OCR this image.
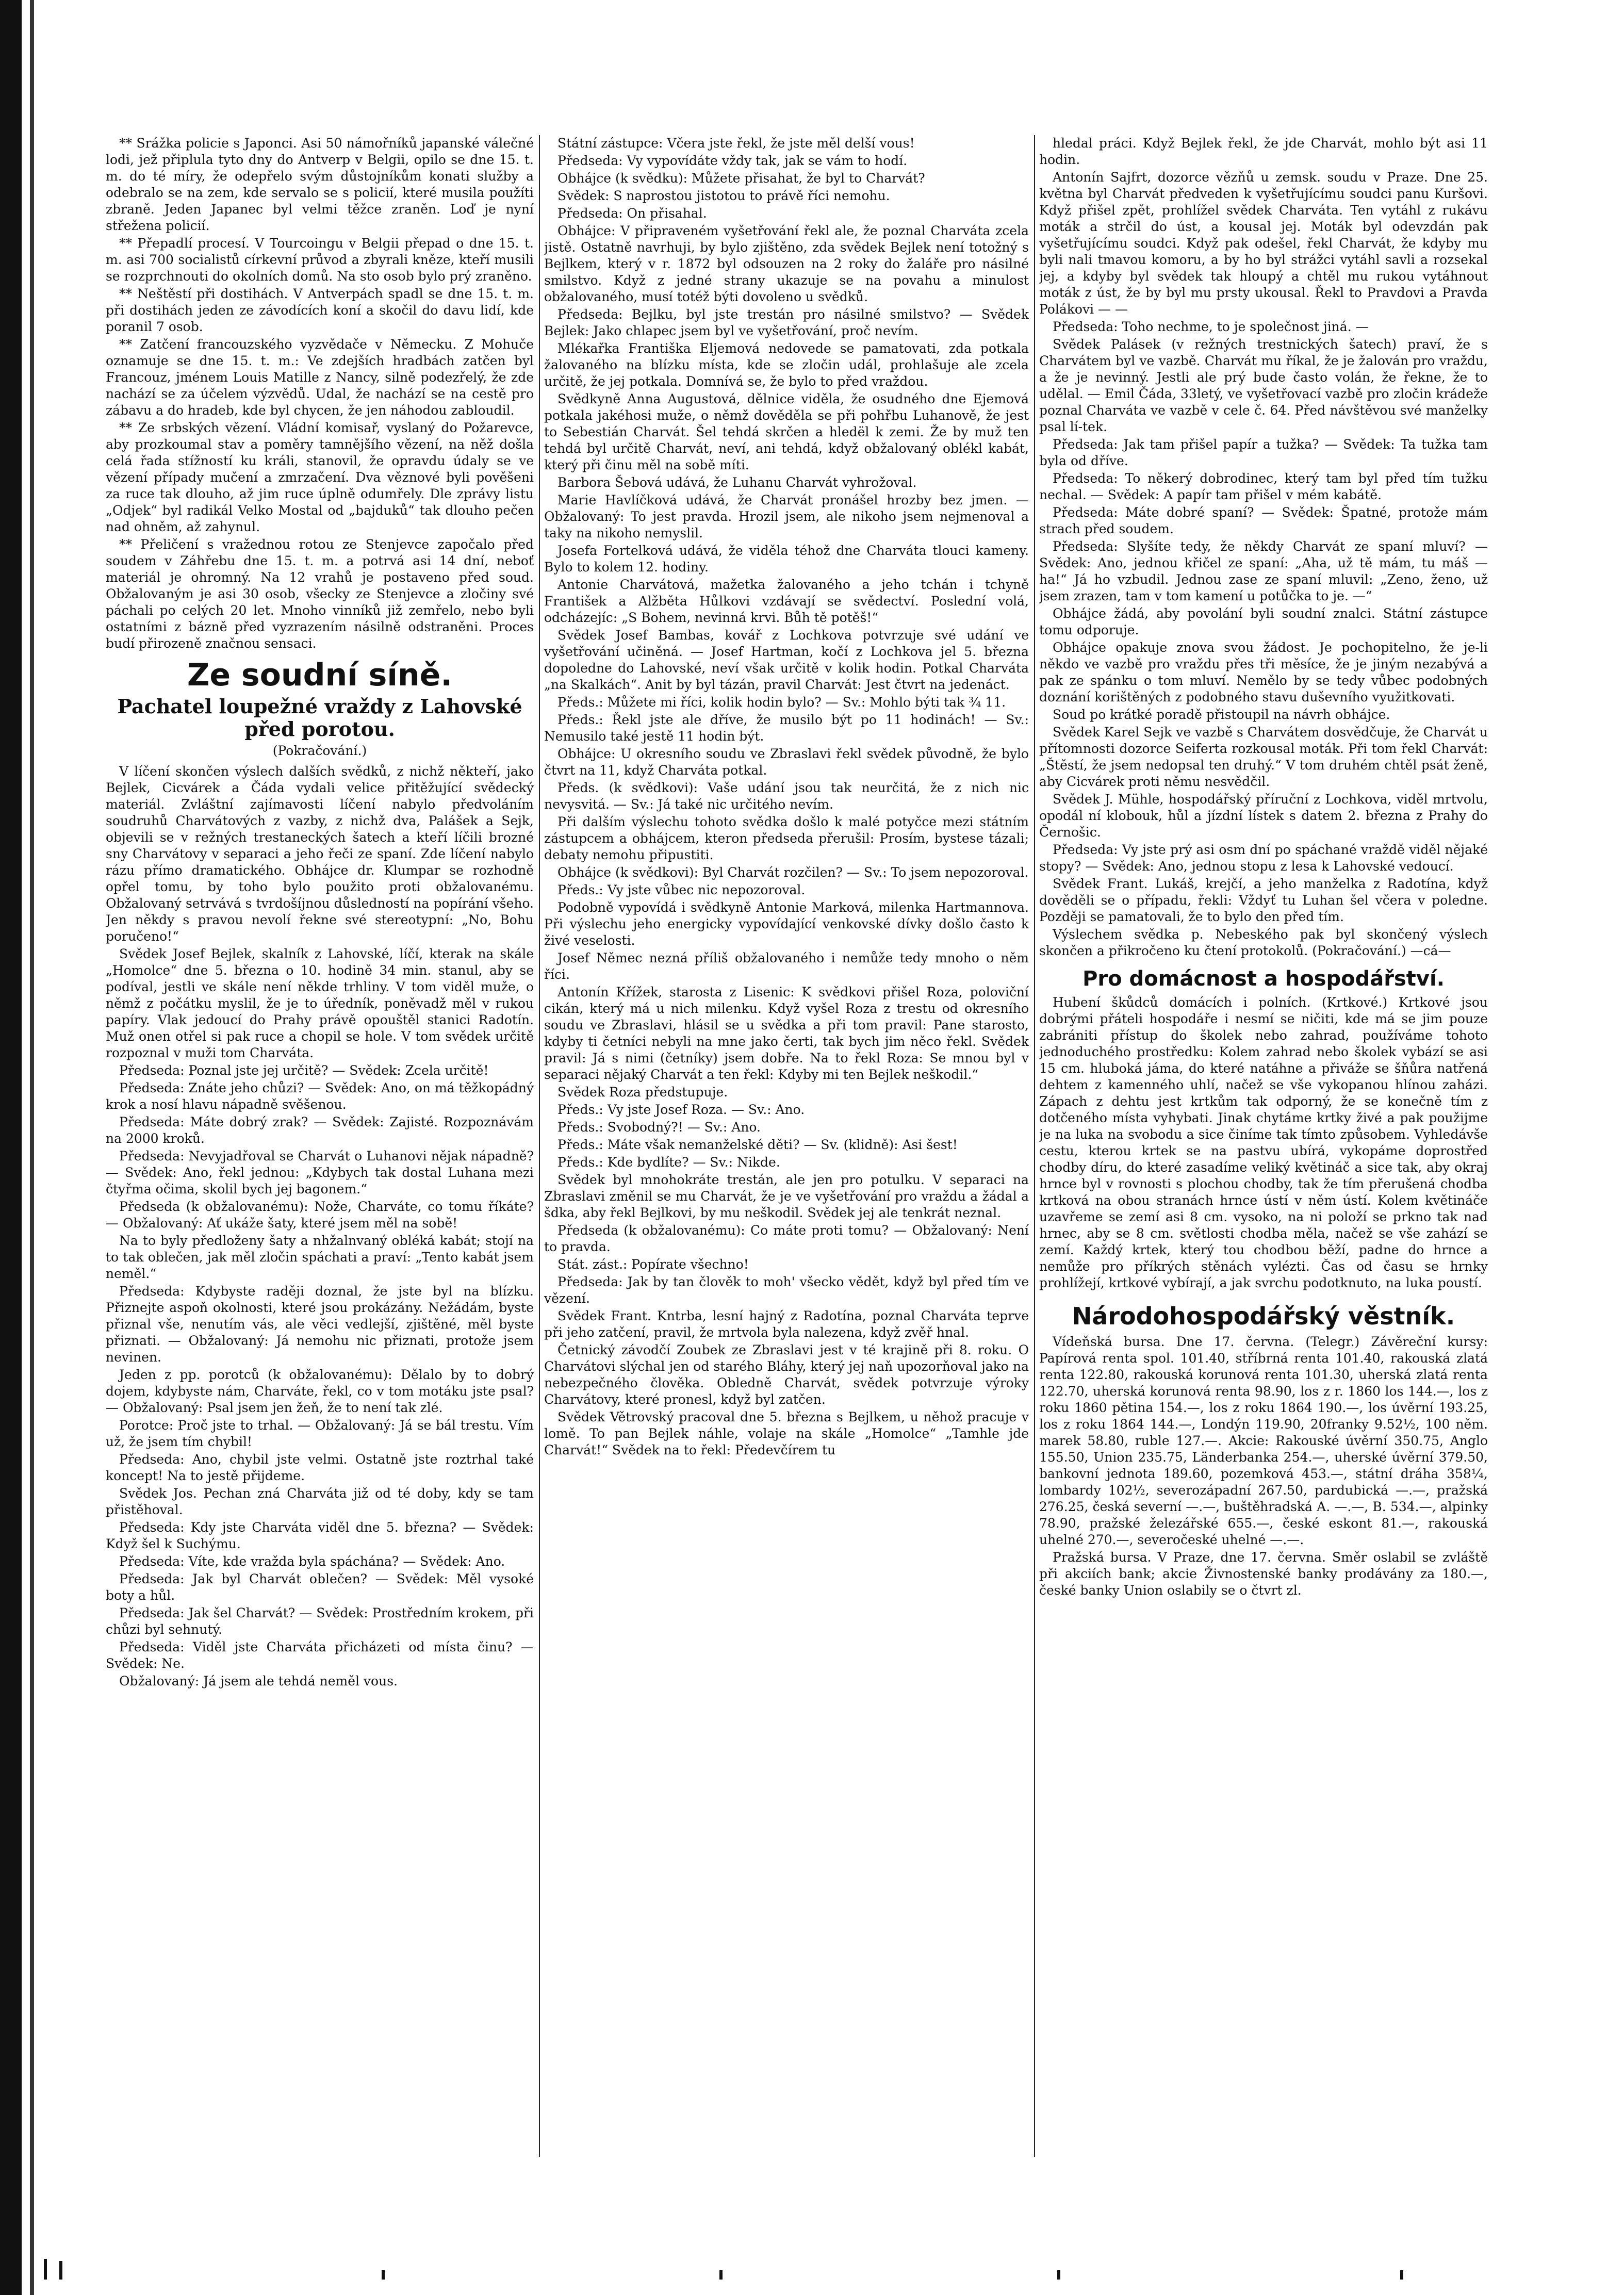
** Srážka policie s Japonci. Asi 50 námořníků japanské válečné lodi, jež připlula tyto dny do Antverp v Belgii, opilo se dne 15. t. m. do té míry, že odepřelo svým důstojníkům konati služby a odebralo se na zem, kde servalo se s policií, které musila použíti zbraně. Jeden Japanec byl velmi těžce zraněn. Loď je nyní střežena policií.

** Přepadlí procesí. V Tourcoingu v Belgii přepad o dne 15. t. m. asi 700 socialistů církevní průvod a zbyrali kněze, kteří musili se rozprchnouti do okolních domů. Na sto osob bylo prý zraněno.

** Neštěstí při dostihách. V Antverpách spadl se dne 15. t. m. při dostihách jeden ze závodících koní a skočil do davu lidí, kde poranil 7 osob.

** Zatčení francouzského vyzvědače v Německu. Z Mohuče oznamuje se dne 15. t. m.: Ve zdejších hradbách zatčen byl Francouz, jménem Louis Matille z Nancy, silně podezřelý, že zde nachází se za účelem výzvědů. Udal, že nachází se na cestě pro zábavu a do hradeb, kde byl chycen, že jen náhodou zabloudil.

** Ze srbských vězení. Vládní komisař, vyslaný do Požarevce, aby prozkoumal stav a poměry tamnějšího vězení, na něž došla celá řada stížností ku králi, stanovil, že opravdu údaly se ve vězení případy mučení a zmrzačení. Dva věznové byli pověšeni za ruce tak dlouho, až jim ruce úplně odumřely. Dle zprávy listu „Odjek“ byl radikál Velko Mostal od „bajduků“ tak dlouho pečen nad ohněm, až zahynul.

** Přeličení s vražednou rotou ze Stenjevce započalo před soudem v Záhřebu dne 15. t. m. a potrvá asi 14 dní, neboť materiál je ohromný. Na 12 vrahů je postaveno před soud. Obžalovaným je asi 30 osob, všecky ze Stenjevce a zločiny své páchali po celých 20 let. Mnoho vinníků již zemřelo, nebo byli ostatními z bázně před vyzrazením násilně odstraněni. Proces budí přirozeně značnou sensaci.

Ze soudní síně.
Pachatel loupežné vraždy z Lahovské před porotou.
(Pokračování.)

V líčení skončen výslech dalších svědků, z nichž někteří, jako Bejlek, Cicvárek a Čáda vydali velice přitěžující svědecký materiál. Zvláštní zajímavosti líčení nabylo předvoláním soudruhů Charvátových z vazby, z nichž dva, Palášek a Sejk, objevili se v režných trestaneckých šatech a kteří líčili brozné sny Charvátovy v separaci a jeho řeči ze spaní. Zde líčení nabylo rázu přímo dramatického. Obhájce dr. Klumpar se rozhodně opřel tomu, by toho bylo použito proti obžalovanému. Obžalovaný setrvává s tvrdošíjnou důsledností na popírání všeho. Jen někdy s pravou nevolí řekne své stereotypní: „No, Bohu poručeno!“

Svědek Josef Bejlek, skalník z Lahovské, líčí, kterak na skále „Homolce“ dne 5. března o 10. hodině 34 min. stanul, aby se podíval, jestli ve skále není někde trhliny. V tom viděl muže, o němž z počátku myslil, že je to úředník, poněvadž měl v rukou papíry. Vlak jedoucí do Prahy právě opouštěl stanici Radotín. Muž onen otřel si pak ruce a chopil se hole. V tom svědek určitě rozpoznal v muži tom Charváta.

Předseda: Poznal jste jej určitě? — Svědek: Zcela určitě!

Předseda: Znáte jeho chůzi? — Svědek: Ano, on má těžkopádný krok a nosí hlavu nápadně svěšenou.

Předseda: Máte dobrý zrak? — Svědek: Zajisté. Rozpoznávám na 2000 kroků.

Předseda: Nevyjadřoval se Charvát o Luhanovi nějak nápadně? — Svědek: Ano, řekl jednou: „Kdybych tak dostal Luhana mezi čtyřma očima, skolil bych jej bagonem.“

Předseda (k obžalovanému): Nože, Charváte, co tomu říkáte? — Obžalovaný: Ať ukáže šaty, které jsem měl na sobě!

Na to byly předloženy šaty a nhžalnvaný obléká kabát; stojí na to tak oblečen, jak měl zločin spáchati a praví: „Tento kabát jsem neměl.“

Předseda: Kdybyste raději doznal, že jste byl na blízku. Přiznejte aspoň okolnosti, které jsou prokázány. Nežádám, byste přiznal vše, nenutím vás, ale věci vedlejší, zjištěné, měl byste přiznati. — Obžalovaný: Já nemohu nic přiznati, protože jsem nevinen.

Jeden z pp. porotců (k obžalovanému): Dělalo by to dobrý dojem, kdybyste nám, Charváte, řekl, co v tom motáku jste psal? — Obžalovaný: Psal jsem jen žeň, že to není tak zlé.

Porotce: Proč jste to trhal. — Obžalovaný: Já se bál trestu. Vím už, že jsem tím chybil!

Předseda: Ano, chybil jste velmi. Ostatně jste roztrhal také koncept! Na to jestě přijdeme.

Svědek Jos. Pechan zná Charváta již od té doby, kdy se tam přistěhoval.

Předseda: Kdy jste Charváta viděl dne 5. března? — Svědek: Když šel k Suchýmu.

Předseda: Víte, kde vražda byla spáchána? — Svědek: Ano.

Předseda: Jak byl Charvát oblečen? — Svědek: Měl vysoké boty a hůl.

Předseda: Jak šel Charvát? — Svědek: Prostředním krokem, při chůzi byl sehnutý.

Předseda: Viděl jste Charváta přicházeti od místa činu? — Svědek: Ne.

Obžalovaný: Já jsem ale tehdá neměl vous.

Státní zástupce: Včera jste řekl, že jste měl delší vous!

Předseda: Vy vypovídáte vždy tak, jak se vám to hodí.

Obhájce (k svědku): Můžete přisahat, že byl to Charvát?

Svědek: S naprostou jistotou to právě říci nemohu.

Předseda: On přisahal.

Obhájce: V připraveném vyšetřování řekl ale, že poznal Charváta zcela jistě. Ostatně navrhuji, by bylo zjištěno, zda svědek Bejlek není totožný s Bejlkem, který v r. 1872 byl odsouzen na 2 roky do žaláře pro násilné smilstvo. Když z jedné strany ukazuje se na povahu a minulost obžalovaného, musí totéž býti dovoleno u svědků.

Předseda: Bejlku, byl jste trestán pro násilné smilstvo? — Svědek Bejlek: Jako chlapec jsem byl ve vyšetřování, proč nevím.

Mlékařka Františka Eljemová nedovede se pamatovati, zda potkala žalovaného na blízku místa, kde se zločin udál, prohlašuje ale zcela určitě, že jej potkala. Domnívá se, že bylo to před vraždou.

Svědkyně Anna Augustová, dělnice viděla, že osudného dne Ejemová potkala jakéhosi muže, o němž dověděla se při pohřbu Luhanově, že jest to Sebestián Charvát. Šel tehdá skrčen a hledël k zemi. Že by muž ten tehdá byl určitě Charvát, neví, ani tehdá, když obžalovaný oblékl kabát, který při činu měl na sobě míti.

Barbora Šebová udává, že Luhanu Charvát vyhrožoval.

Marie Havlíčková udává, že Charvát pronášel hrozby bez jmen. — Obžalovaný: To jest pravda. Hrozil jsem, ale nikoho jsem nejmenoval a taky na nikoho nemyslil.

Josefa Fortelková udává, že viděla téhož dne Charváta tlouci kameny. Bylo to kolem 12. hodiny.

Antonie Charvátová, mažetka žalovaného a jeho tchán i tchyně František a Alžběta Hůlkovi vzdávají se svědectví. Poslední volá, odcházejíc: „S Bohem, nevinná krvi. Bůh tě potěš!“

Svědek Josef Bambas, kovář z Lochkova potvrzuje své udání ve vyšetřování učiněná. — Josef Hartman, kočí z Lochkova jel 5. března dopoledne do Lahovské, neví však určitě v kolik hodin. Potkal Charváta „na Skalkách“. Anit by byl tázán, pravil Charvát: Jest čtvrt na jedenáct.

Předs.: Můžete mi říci, kolik hodin bylo? — Sv.: Mohlo býti tak ¾ 11.

Předs.: Řekl jste ale dříve, že musilo být po 11 hodinách! — Sv.: Nemusilo také jestě 11 hodin být.

Obhájce: U okresního soudu ve Zbraslavi řekl svědek původně, že bylo čtvrt na 11, když Charváta potkal.

Předs. (k svědkovi): Vaše udání jsou tak neurčitá, že z nich nic nevysvitá. — Sv.: Já také nic určitého nevím.

Při dalším výslechu tohoto svědka došlo k malé potyčce mezi státním zástupcem a obhájcem, kteron předseda přerušil: Prosím, bystese tázali; debaty nemohu připustiti.

Obhájce (k svědkovi): Byl Charvát rozčilen? — Sv.: To jsem nepozoroval.

Předs.: Vy jste vůbec nic nepozoroval.

Podobně vypovídá i svědkyně Antonie Marková, milenka Hartmannova. Při výslechu jeho energicky vypovídající venkovské dívky došlo často k živé veselosti.

Josef Němec nezná příliš obžalovaného i nemůže tedy mnoho o něm říci.

Antonín Křížek, starosta z Lisenic: K svědkovi přišel Roza, poloviční cikán, který má u nich milenku. Když vyšel Roza z trestu od okresního soudu ve Zbraslavi, hlásil se u svědka a při tom pravil: Pane starosto, kdyby ti četníci nebyli na mne jako čerti, tak bych jim něco řekl. Svědek pravil: Já s nimi (četníky) jsem dobře. Na to řekl Roza: Se mnou byl v separaci nějaký Charvát a ten řekl: Kdyby mi ten Bejlek neškodil.“

Svědek Roza předstupuje.

Předs.: Vy jste Josef Roza. — Sv.: Ano.

Předs.: Svobodný?! — Sv.: Ano.

Předs.: Máte však nemanželské děti? — Sv. (klidně): Asi šest!

Předs.: Kde bydlíte? — Sv.: Nikde.

Svědek byl mnohokráte trestán, ale jen pro potulku. V separaci na Zbraslavi změnil se mu Charvát, že je ve vyšetřování pro vraždu a žádal a šdka, aby řekl Bejlkovi, by mu neškodil. Svědek jej ale tenkrát neznal.

Předseda (k obžalovanému): Co máte proti tomu? — Obžalovaný: Není to pravda.

Stát. zást.: Popírate všechno!

Předseda: Jak by tan člověk to moh' všecko vědět, když byl před tím ve vězení.

Svědek Frant. Kntrba, lesní hajný z Radotína, poznal Charváta teprve při jeho zatčení, pravil, že mrtvola byla nalezena, když zvěř hnal.

Četnický závodčí Zoubek ze Zbraslavi jest v té krajině při 8. roku. O Charvátovi slýchal jen od starého Bláhy, který jej naň upozorňoval jako na nebezpečného člověka. Obledně Charvát, svědek potvrzuje výroky Charvátovy, které pronesl, když byl zatčen.

Svědek Větrovský pracoval dne 5. března s Bejlkem, u něhož pracuje v lomě. To pan Bejlek náhle, volaje na skále „Homolce“ „Tamhle jde Charvát!“ Svědek na to řekl: Předevčírem tu

hledal práci. Když Bejlek řekl, že jde Charvát, mohlo být asi 11 hodin.

Antonín Sajfrt, dozorce vězňů u zemsk. soudu v Praze. Dne 25. května byl Charvát předveden k vyšetřujícímu soudci panu Kuršovi. Když přišel zpět, prohlížel svědek Charváta. Ten vytáhl z rukávu moták a strčil do úst, a kousal jej. Moták byl odevzdán pak vyšetřujícímu soudci. Když pak odešel, řekl Charvát, že kdyby mu byli nali tmavou komoru, a by ho byl strážci vytáhl savli a rozsekal jej, a kdyby byl svědek tak hloupý a chtěl mu rukou vytáhnout moták z úst, že by byl mu prsty ukousal. Řekl to Pravdovi a Pravda Polákovi — —

Předseda: Toho nechme, to je společnost jiná. —

Svědek Palásek (v režných trestnických šatech) praví, že s Charvátem byl ve vazbě. Charvát mu říkal, že je žalován pro vraždu, a že je nevinný. Jestli ale prý bude často volán, že řekne, že to udělal. — Emil Čáda, 33letý, ve vyšetřovací vazbě pro zločin krádeže poznal Charváta ve vazbě v cele č. 64. Před návštěvou své manželky psal lí-tek.

Předseda: Jak tam přišel papír a tužka? — Svědek: Ta tužka tam byla od dříve.

Předseda: To někerý dobrodinec, který tam byl před tím tužku nechal. — Svědek: A papír tam přišel v mém kabátě.

Předseda: Máte dobré spaní? — Svědek: Špatné, protože mám strach před soudem.

Předseda: Slyšíte tedy, že někdy Charvát ze spaní mluví? — Svědek: Ano, jednou křičel ze spaní: „Aha, už tě mám, tu máš — ha!“ Já ho vzbudil. Jednou zase ze spaní mluvil: „Zeno, ženo, už jsem zrazen, tam v tom kamení u potůčka to je. —“

Obhájce žádá, aby povolání byli soudní znalci. Státní zástupce tomu odporuje.

Obhájce opakuje znova svou žádost. Je pochopitelno, že je-li někdo ve vazbě pro vraždu přes tři měsíce, že je jiným nezabývá a pak ze spánku o tom mluví. Nemělo by se tedy vůbec podobných doznání korištěných z podobného stavu duševního využitkovati.

Soud po krátké poradě přistoupil na návrh obhájce.

Svědek Karel Sejk ve vazbě s Charvátem dosvědčuje, že Charvát u přítomnosti dozorce Seiferta rozkousal moták. Při tom řekl Charvát: „Štěstí, že jsem nedopsal ten druhý.“ V tom druhém chtěl psát ženě, aby Cicvárek proti němu nesvědčil.

Svědek J. Mühle, hospodářský příruční z Lochkova, viděl mrtvolu, opodál ní klobouk, hůl a jízdní lístek s datem 2. března z Prahy do Černošic.

Předseda: Vy jste prý asi osm dní po spáchané vraždě viděl nějaké stopy? — Svědek: Ano, jednou stopu z lesa k Lahovské vedoucí.

Svědek Frant. Lukáš, krejčí, a jeho manželka z Radotína, když dověděli se o případu, řekli: Vždyť tu Luhan šel včera v poledne. Později se pamatovali, že to bylo den před tím.

Výslechem svědka p. Nebeského pak byl skončený výslech skončen a přikročeno ku čtení protokolů. (Pokračování.) —cá—

Pro domácnost a hospodářství.

Hubení škůdců domácích i polních. (Krtkové.) Krtkové jsou dobrými přáteli hospodáře i nesmí se ničiti, kde má se jim pouze zabrániti přístup do školek nebo zahrad, používáme tohoto jednoduchého prostředku: Kolem zahrad nebo školek vybází se asi 15 cm. hluboká jáma, do které natáhne a přiváže se šňůra natřená dehtem z kamenného uhlí, načež se vše vykopanou hlínou zaházi. Zápach z dehtu jest krtkům tak odporný, že se konečně tím z dotčeného místa vyhybati. Jinak chytáme krtky živé a pak použijme je na luka na svobodu a sice činíme tak tímto způsobem. Vyhledávše cestu, kterou krtek se na pastvu ubírá, vykopáme doprostřed chodby díru, do které zasadíme veliký květináč a sice tak, aby okraj hrnce byl v rovnosti s plochou chodby, tak že tím přerušená chodba krtková na obou stranách hrnce ústí v něm ústí. Kolem květináče uzavřeme se zemí asi 8 cm. vysoko, na ni položí se prkno tak nad hrnec, aby se 8 cm. světlosti chodba měla, načež se vše zahází se zemí. Každý krtek, který tou chodbou běží, padne do hrnce a nemůže pro příkrých stěnách vylézti. Čas od času se hrnky prohlížejí, krtkové vybírají, a jak svrchu podotknuto, na luka poustí.

Národohospodářský věstník.

Vídeňská bursa. Dne 17. června. (Telegr.) Závěreční kursy: Papírová renta spol. 101.40, stříbrná renta 101.40, rakouská zlatá renta 122.80, rakouská korunová renta 101.30, uherská zlatá renta 122.70, uherská korunová renta 98.90, los z r. 1860 los 144.—, los z roku 1860 pětina 154.—, los z roku 1864 190.—, los úvěrní 193.25, los z roku 1864 144.—, Londýn 119.90, 20franky 9.52½, 100 něm. marek 58.80, ruble 127.—. Akcie: Rakouské úvěrní 350.75, Anglo 155.50, Union 235.75, Länderbanka 254.—, uherské úvěrní 379.50, bankovní jednota 189.60, pozemková 453.—, státní dráha 358¼, lombardy 102½, severozápadní 267.50, pardubická —.—, pražská 276.25, česká severní —.—, buštěhradská A. —.—, B. 534.—, alpinky 78.90, pražské železářské 655.—, české eskont 81.—, rakouská uhelné 270.—, severočeské uhelné —.—.

Pražská bursa. V Praze, dne 17. června. Směr oslabil se zvláště při akciích bank; akcie Živnostenské banky prodávány za 180.—, české banky Union oslabily se o čtvrt zl.
